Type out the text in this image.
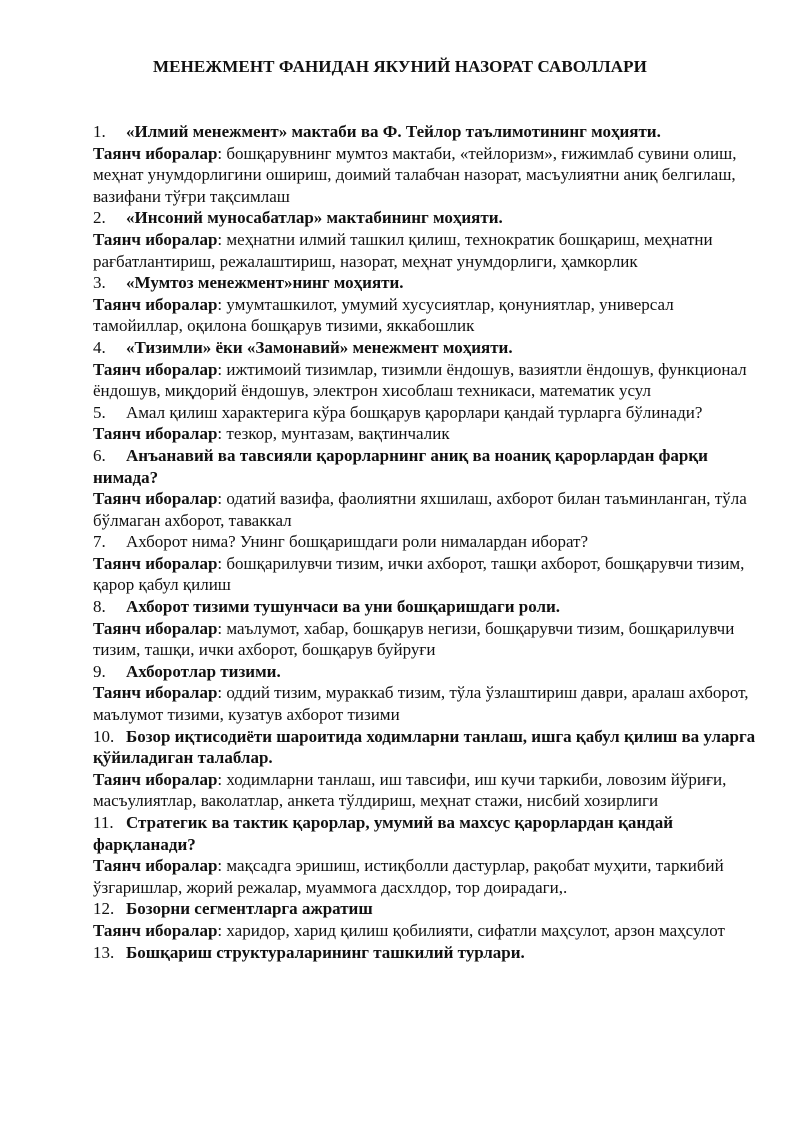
МЕНЕЖМЕНТ ФАНИДАН ЯКУНИЙ НАЗОРАТ САВОЛЛАРИ
1. «Илмий менежмент» мактаби ва Ф. Тейлор таълимотининг моҳияти.
Таянч иборалар: бошқарувнинг мумтоз мактаби, «тейлоризм», ғижимлаб сувини олиш, меҳнат унумдорлигини ошириш, доимий талабчан назорат, масъулиятни аниқ белгилаш, вазифани тўғри тақсимлаш
2. «Инсоний муносабатлар» мактабининг моҳияти.
Таянч иборалар: меҳнатни илмий ташкил қилиш, технократик бошқариш, меҳнатни рағбатлантириш, режалаштириш, назорат, меҳнат унумдорлиги, ҳамкорлик
3. «Мумтоз менежмент»нинг моҳияти.
Таянч иборалар: умумташкилот, умумий хусусиятлар, қонуниятлар, универсал тамойиллар, оқилона бошқарув тизими, яккабошлик
4. «Тизимли» ёки «Замонавий» менежмент моҳияти.
Таянч иборалар: ижтимоий тизимлар, тизимли ёндошув, вазиятли ёндошув, функционал ёндошув, миқдорий ёндошув, электрон хисоблаш техникаси, математик усул
5. Амал қилиш характерига кўра бошқарув қарорлари қандай турларга бўлинади?
Таянч иборалар: тезкор, мунтазам, вақтинчалик
6. Анъанавий ва тавсияли қарорларнинг аниқ ва ноаниқ қарорлардан фарқи нимада?
Таянч иборалар: одатий вазифа, фаолиятни яхшилаш, ахборот билан таъминланган, тўла бўлмаган ахборот, таваккал
7. Ахборот нима? Унинг бошқаришдаги роли нималардан иборат?
Таянч иборалар: бошқарилувчи тизим, ички ахборот, ташқи ахборот, бошқарувчи тизим, қарор қабул қилиш
8. Ахборот тизими тушунчаси ва уни бошқаришдаги роли.
Таянч иборалар: маълумот, хабар, бошқарув негизи, бошқарувчи тизим, бошқарилувчи тизим, ташқи, ички ахборот, бошқарув буйруғи
9. Ахборотлар тизими.
Таянч иборалар: оддий тизим, мураккаб тизим, тўла ўзлаштириш даври, аралаш ахборот, маълумот тизими, кузатув ахборот тизими
10. Бозор иқтисодиёти шароитида ходимларни танлаш, ишга қабул қилиш ва уларга қўйиладиган талаблар.
Таянч иборалар: ходимларни танлаш, иш тавсифи, иш кучи таркиби, ловозим йўриғи, масъулиятлар, ваколатлар, анкета тўлдириш, меҳнат стажи, нисбий хозирлиги
11. Стратегик ва тактик қарорлар, умумий ва махсус қарорлардан қандай фарқланади?
Таянч иборалар: мақсадга эришиш, истиқболли дастурлар, рақобат муҳити, таркибий ўзгаришлар, жорий режалар, муаммога дасхлдор, тор доирадаги,.
12. Бозорни сегментларга ажратиш
Таянч иборалар: харидор, харид қилиш қобилияти, сифатли маҳсулот, арзон маҳсулот
13. Бошқариш структураларининг ташкилий турлари.
